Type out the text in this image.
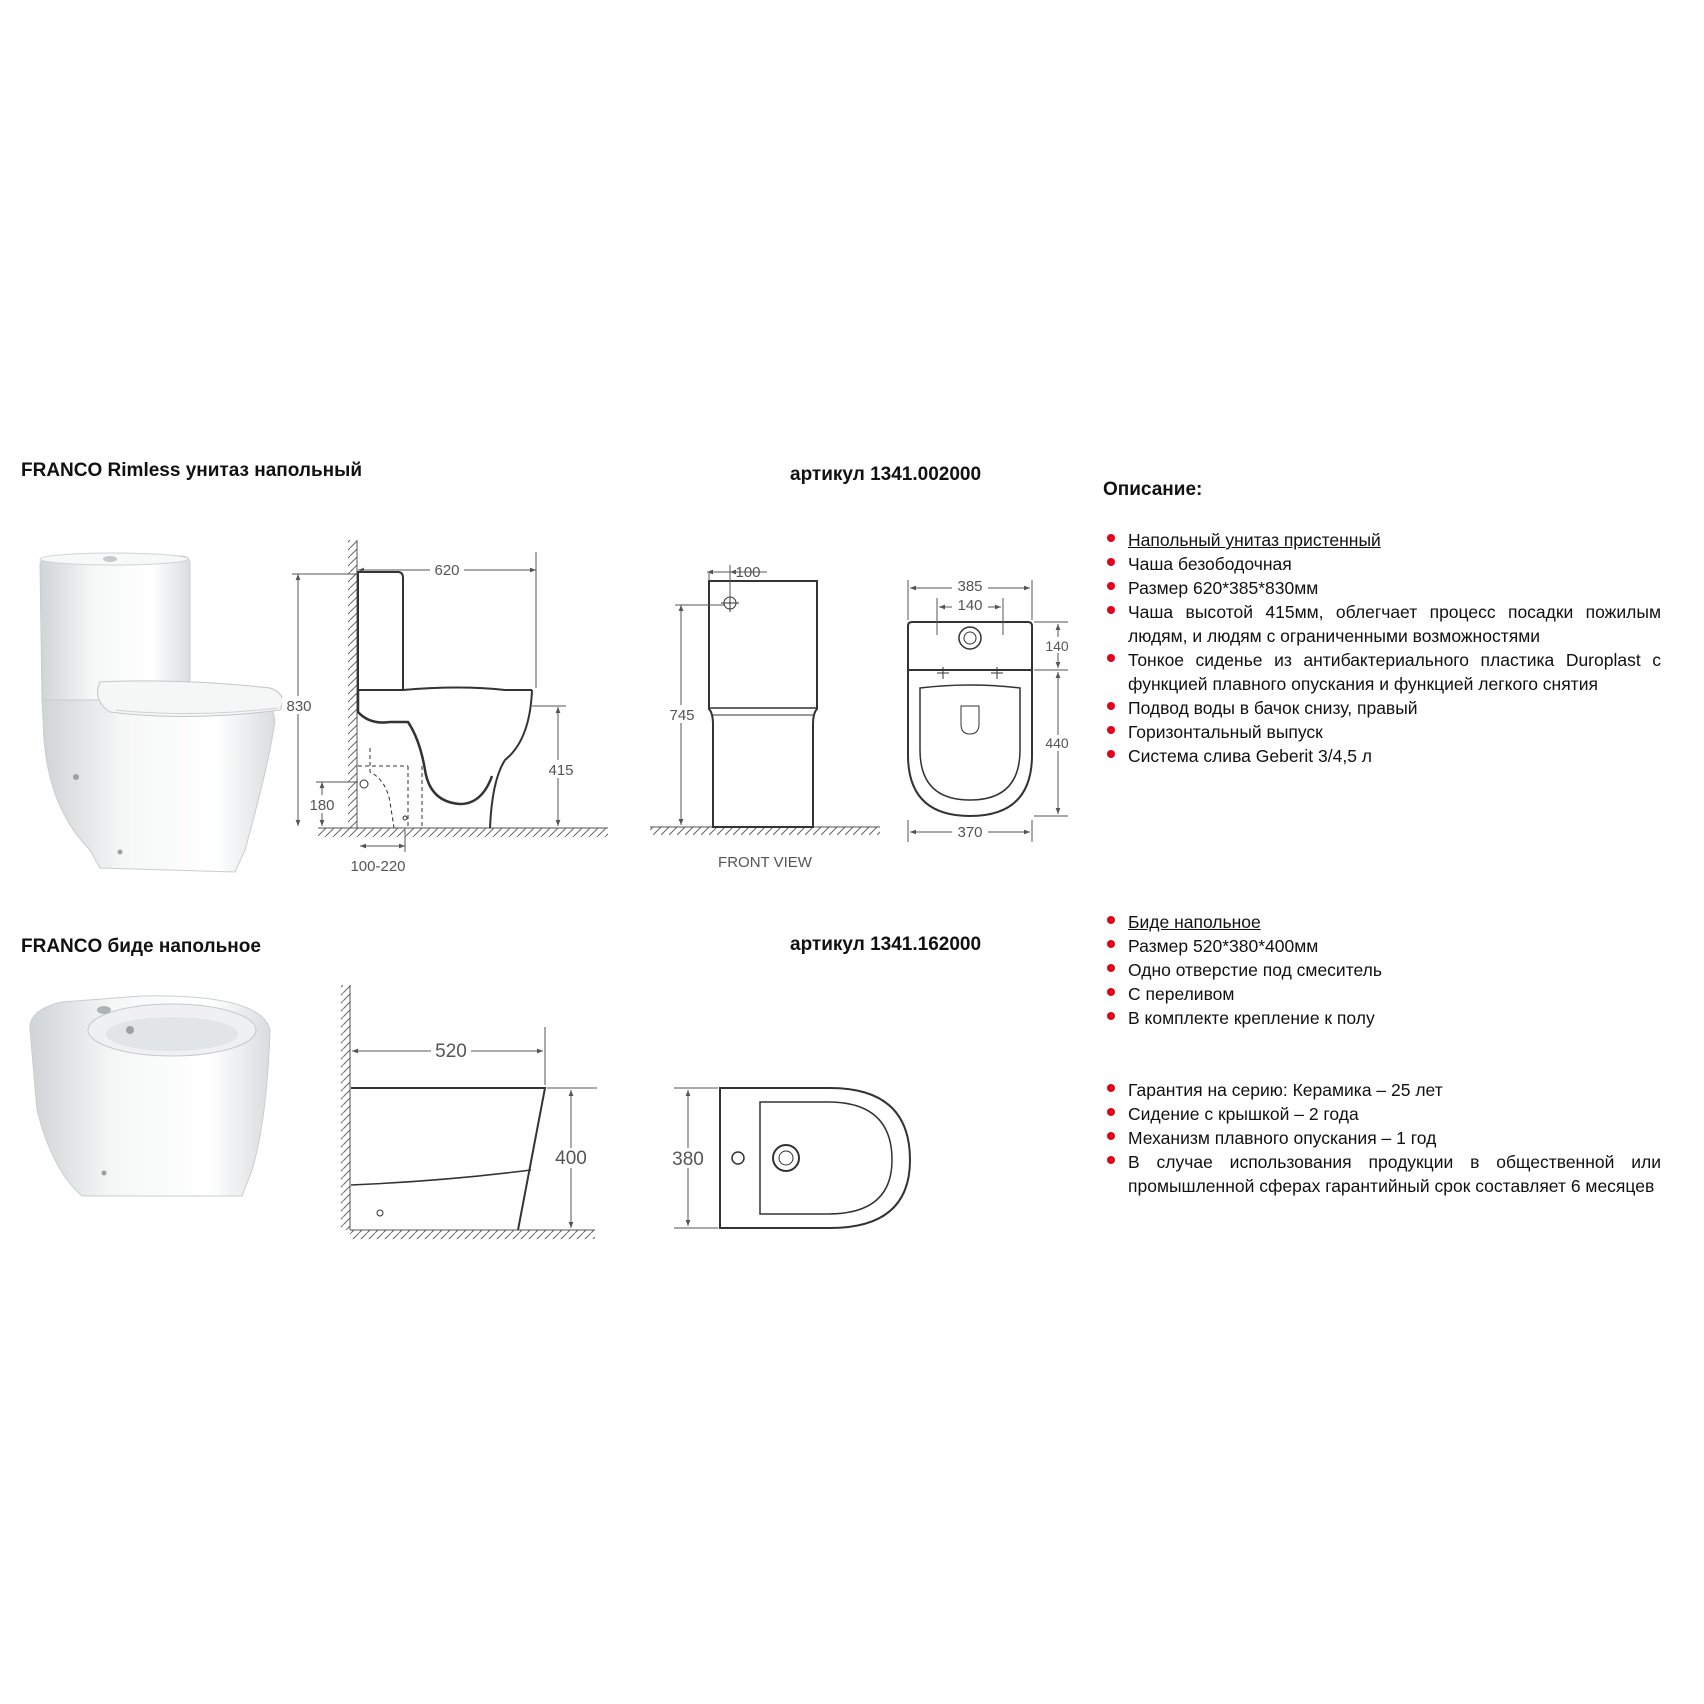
FRANCO Rimless унитаз напольный	артикул 1341.002000
620
830
415
180
100-220
100
745
FRONT VIEW
385
140
140
440
370
FRANCO биде напольное	артикул 1341.162000
520
400	380
Описание:
Напольный унитаз пристенный
Чаша безободочная
Размер 620*385*830мм
Чаша высотой 415мм, облегчает процесс посадки пожилым людям, и людям с ограниченными возможностями
Тонкое сиденье из антибактериального пластика Duroplast с функцией плавного опускания и функцией легкого снятия
Подвод воды в бачок снизу, правый
Горизонтальный выпуск
Система слива Geberit 3/4,5 л
Биде напольное
Размер 520*380*400мм
Одно отверстие под смеситель
С переливом
В комплекте крепление к полу
Гарантия на серию: Керамика – 25 лет
Сидение с крышкой – 2 года
Механизм плавного опускания – 1 год
В случае использования продукции в общественной или промышленной сферах гарантийный срок составляет 6 месяцев
